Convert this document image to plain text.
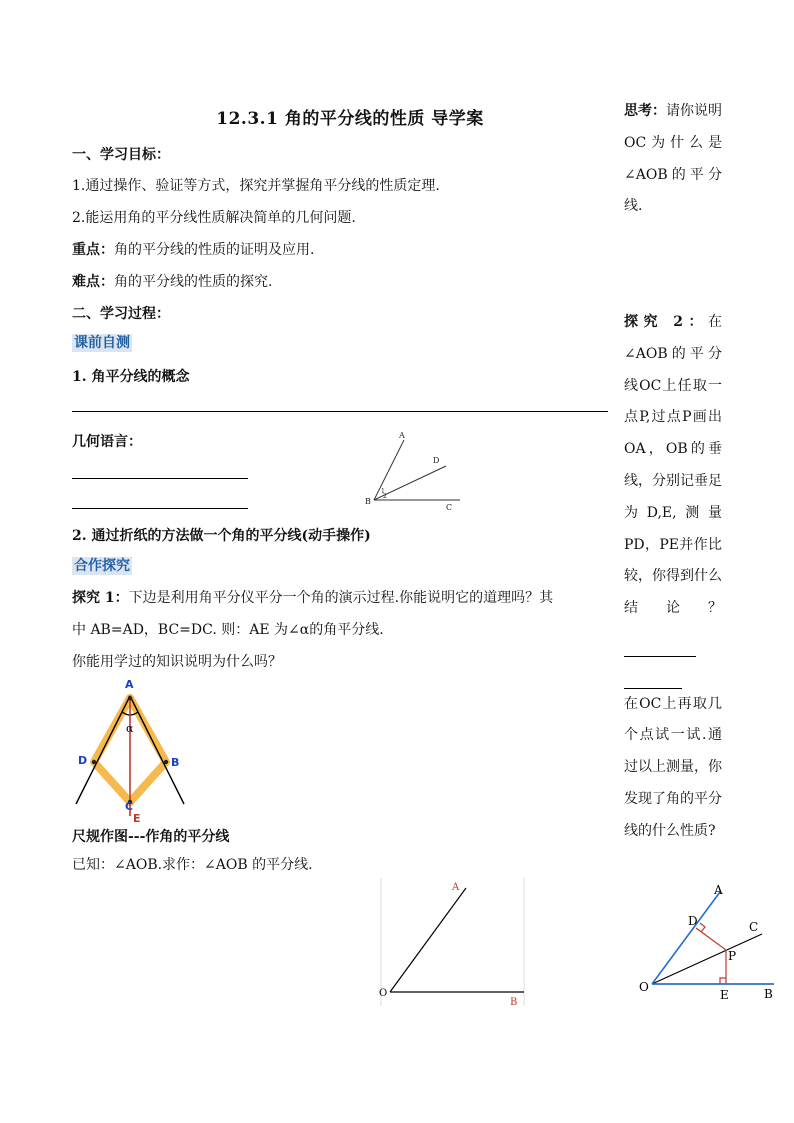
12.3.1 角的平分线的性质 导学案
一、学习目标：
1.通过操作、验证等方式，探究并掌握角平分线的性质定理.
2.能运用角的平分线性质解决简单的几何问题.
重点：角的平分线的性质的证明及应用.
难点：角的平分线的性质的探究.
二、学习过程：
课前自测
1. 角平分线的概念
几何语言：	A
D
B
C
1
2
2. 通过折纸的方法做一个角的平分线(动手操作)
合作探究
探究 1：下边是利用角平分仪平分一个角的演示过程.你能说明它的道理吗？其
中 AB=AD，BC=DC. 则：AE 为∠α的角平分线.
你能用学过的知识说明为什么吗？
A
B
C
D
E
α
尺规作图---作角的平分线
已知：∠AOB.求作：∠AOB 的平分线.
A
B
O
思考：请你说明OC为什么是∠AOB的平分线.
探究 2：在∠AOB的平分线OC上任取一点P,过点P画出OA，OB的垂线，分别记垂足为D,E,测量PD，PE并作比较，你得到什么结论？

在OC上再取几个点试一试.通过以上测量，你发现了角的平分线的什么性质?
A
B
C
D
E
O
P
